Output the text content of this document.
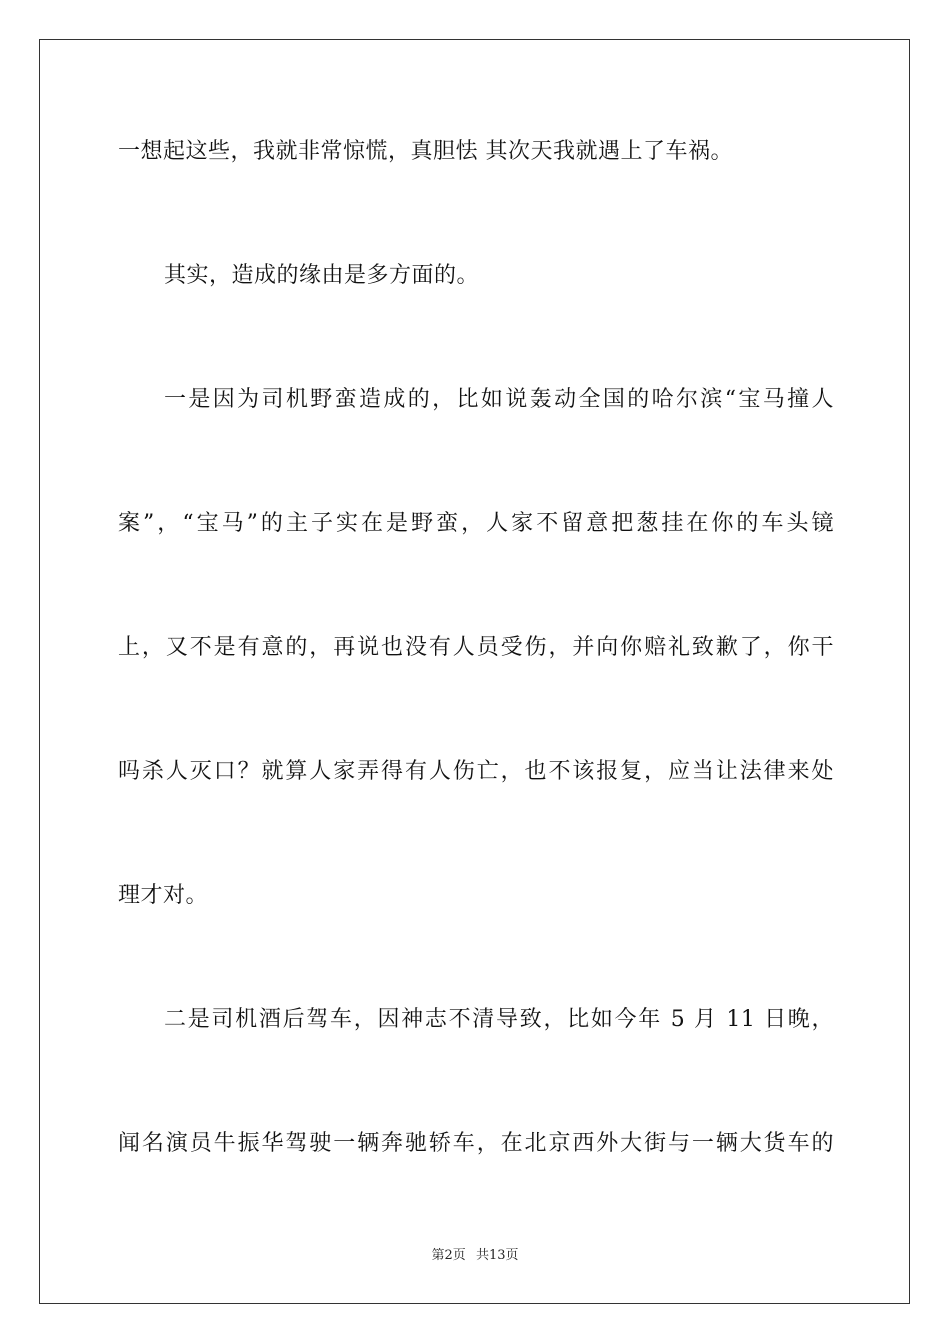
一想起这些，我就非常惊慌，真胆怯 其次天我就遇上了车祸。
其实，造成的缘由是多方面的。
一是因为司机野蛮造成的，比如说轰动全国的哈尔滨“宝马撞人
案”，“宝马”的主子实在是野蛮，人家不留意把葱挂在你的车头镜
上，又不是有意的，再说也没有人员受伤，并向你赔礼致歉了，你干
吗杀人灭口？就算人家弄得有人伤亡，也不该报复，应当让法律来处
理才对。
二是司机酒后驾车，因神志不清导致，比如今年 5 月 11 日晚，
闻名演员牛振华驾驶一辆奔驰轿车，在北京西外大街与一辆大货车的
第2页 共13页
